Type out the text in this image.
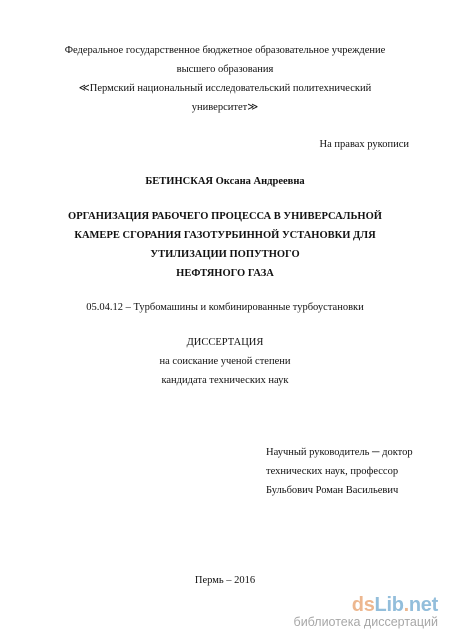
Федеральное государственное бюджетное образовательное учреждение
высшего образования
≪Пермский национальный исследовательский политехнический
университет≫
На правах рукописи
БЕТИНСКАЯ Оксана Андреевна
ОРГАНИЗАЦИЯ РАБОЧЕГО ПРОЦЕССА В УНИВЕРСАЛЬНОЙ
КАМЕРЕ СГОРАНИЯ ГАЗОТУРБИННОЙ УСТАНОВКИ ДЛЯ
УТИЛИЗАЦИИ ПОПУТНОГО
НЕФТЯНОГО ГАЗА
05.04.12 – Турбомашины и комбинированные турбоустановки
ДИССЕРТАЦИЯ
на соискание ученой степени
кандидата технических наук
Научный руководитель ─ доктор
технических наук, профессор
Бульбович Роман Васильевич
Пермь – 2016
dsLib.net
библиотека диссертаций
